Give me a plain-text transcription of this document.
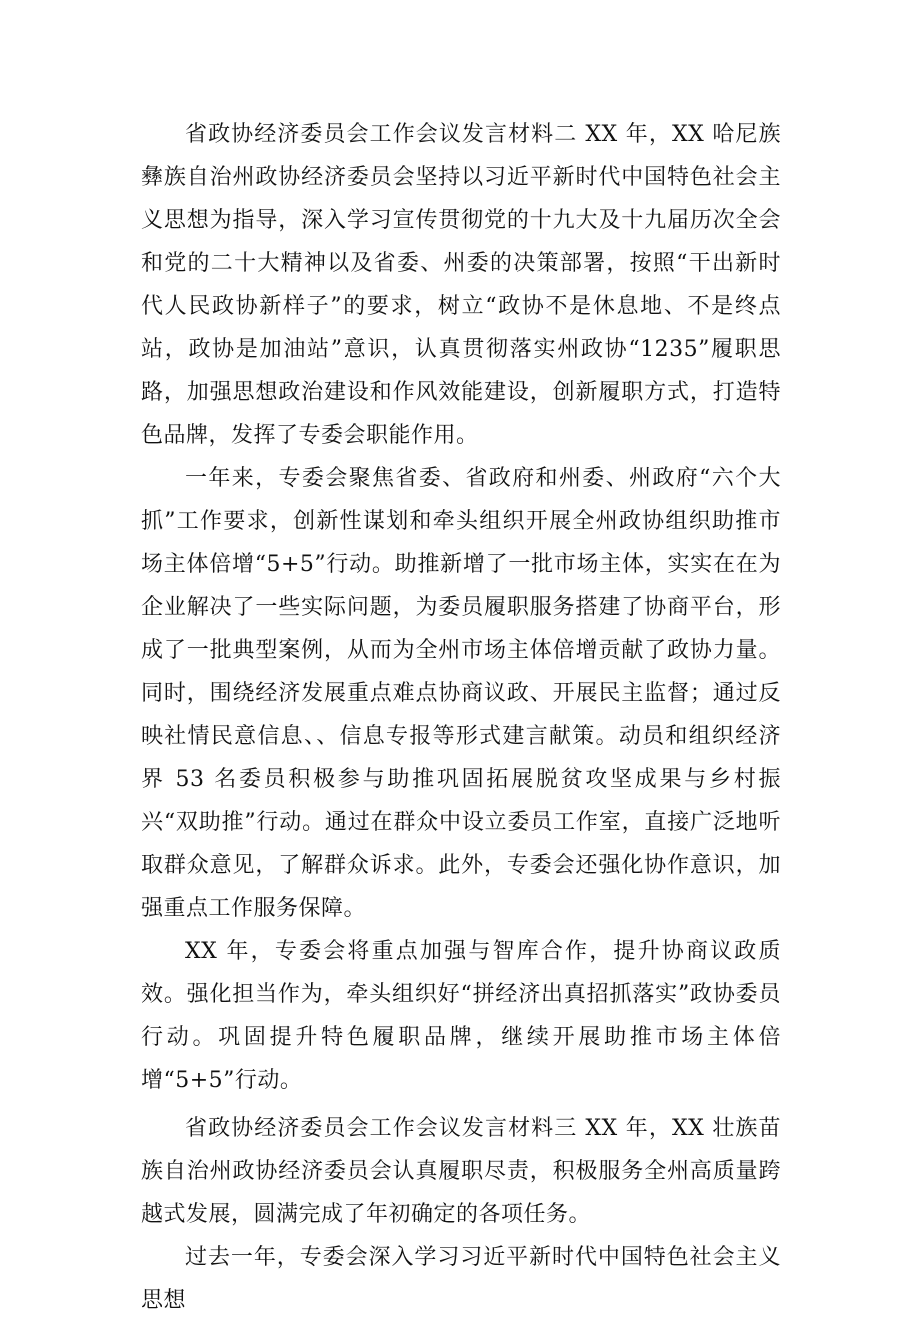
省政协经济委员会工作会议发言材料二 XX 年，XX 哈尼族彝族自治州政协经济委员会坚持以习近平新时代中国特色社会主义思想为指导，深入学习宣传贯彻党的十九大及十九届历次全会和党的二十大精神以及省委、州委的决策部署，按照“干出新时代人民政协新样子”的要求，树立“政协不是休息地、不是终点站，政协是加油站”意识，认真贯彻落实州政协“1235”履职思路，加强思想政治建设和作风效能建设，创新履职方式，打造特色品牌，发挥了专委会职能作用。

一年来，专委会聚焦省委、省政府和州委、州政府“六个大抓”工作要求，创新性谋划和牵头组织开展全州政协组织助推市场主体倍增“5+5”行动。助推新增了一批市场主体，实实在在为企业解决了一些实际问题，为委员履职服务搭建了协商平台，形成了一批典型案例，从而为全州市场主体倍增贡献了政协力量。同时，围绕经济发展重点难点协商议政、开展民主监督；通过反映社情民意信息、、信息专报等形式建言献策。动员和组织经济界 53 名委员积极参与助推巩固拓展脱贫攻坚成果与乡村振兴“双助推”行动。通过在群众中设立委员工作室，直接广泛地听取群众意见，了解群众诉求。此外，专委会还强化协作意识，加强重点工作服务保障。

XX 年，专委会将重点加强与智库合作，提升协商议政质效。强化担当作为，牵头组织好“拼经济出真招抓落实”政协委员行动。巩固提升特色履职品牌，继续开展助推市场主体倍增“5+5”行动。

省政协经济委员会工作会议发言材料三 XX 年，XX 壮族苗族自治州政协经济委员会认真履职尽责，积极服务全州高质量跨越式发展，圆满完成了年初确定的各项任务。

过去一年，专委会深入学习习近平新时代中国特色社会主义思想
